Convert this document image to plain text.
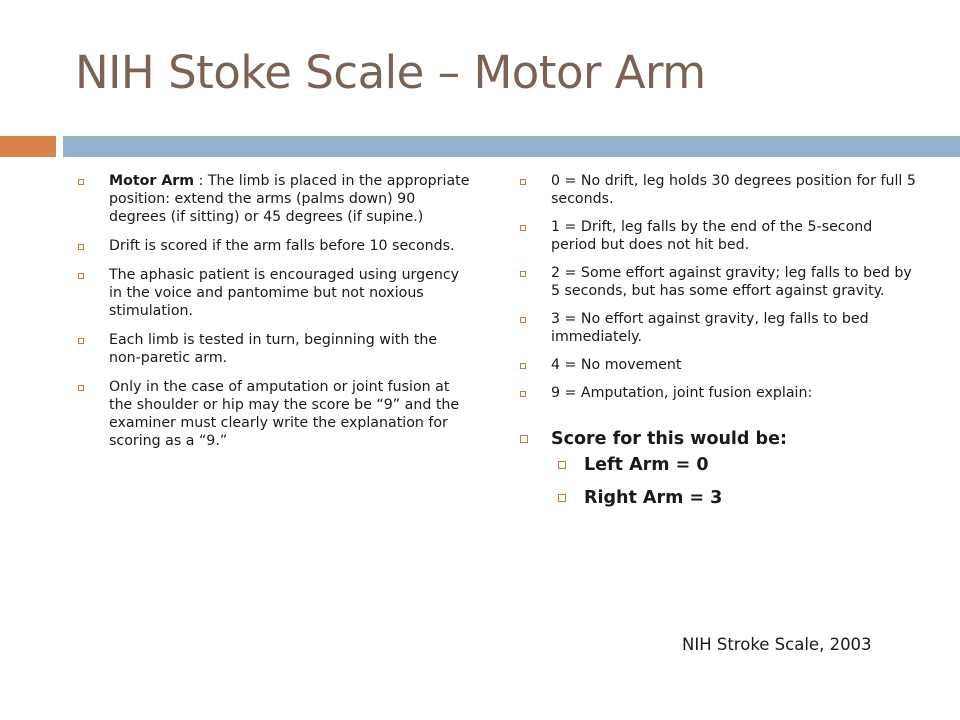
NIH Stoke Scale – Motor Arm
Motor Arm : The limb is placed in the appropriate position: extend the arms (palms down) 90 degrees (if sitting) or 45 degrees (if supine.)
Drift is scored if the arm falls before 10 seconds.
The aphasic patient is encouraged using urgency in the voice and pantomime but not noxious stimulation.
Each limb is tested in turn, beginning with the non-paretic arm.
Only in the case of amputation or joint fusion at the shoulder or hip may the score be “9” and the examiner must clearly write the explanation for scoring as a “9.”
0 = No drift, leg holds 30 degrees position for full 5 seconds.
1 = Drift, leg falls by the end of the 5-second period but does not hit bed.
2 = Some effort against gravity; leg falls to bed by 5 seconds, but has some effort against gravity.
3 = No effort against gravity, leg falls to bed immediately.
4 = No movement
9 = Amputation, joint fusion explain:
Score for this would be:
Left Arm = 0
Right Arm = 3
NIH Stroke Scale, 2003
